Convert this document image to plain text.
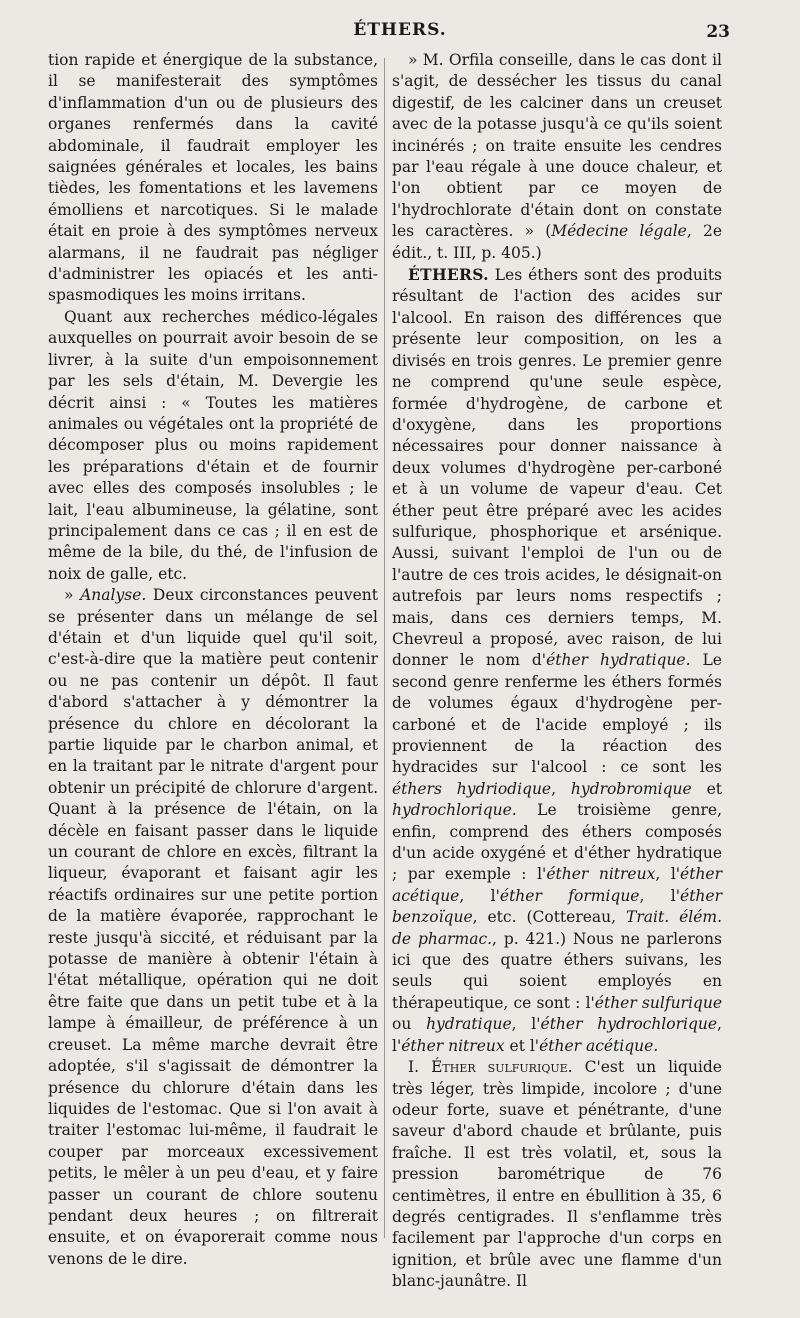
ÉTHERS.	23

tion rapide et énergique de la substance, il se manifesterait des symptômes d'inflammation d'un ou de plusieurs des organes renfermés dans la cavité abdominale, il faudrait employer les saignées générales et locales, les bains tièdes, les fomentations et les lavemens émolliens et narcotiques. Si le malade était en proie à des symptômes nerveux alarmans, il ne faudrait pas négliger d'administrer les opiacés et les anti-spasmodiques les moins irritans.

Quant aux recherches médico-légales auxquelles on pourrait avoir besoin de se livrer, à la suite d'un empoisonnement par les sels d'étain, M. Devergie les décrit ainsi : « Toutes les matières animales ou végétales ont la propriété de décomposer plus ou moins rapidement les préparations d'étain et de fournir avec elles des composés insolubles ; le lait, l'eau albumineuse, la gélatine, sont principalement dans ce cas ; il en est de même de la bile, du thé, de l'infusion de noix de galle, etc.

» Analyse. Deux circonstances peuvent se présenter dans un mélange de sel d'étain et d'un liquide quel qu'il soit, c'est-à-dire que la matière peut contenir ou ne pas contenir un dépôt. Il faut d'abord s'attacher à y démontrer la présence du chlore en décolorant la partie liquide par le charbon animal, et en la traitant par le nitrate d'argent pour obtenir un précipité de chlorure d'argent. Quant à la présence de l'étain, on la décèle en faisant passer dans le liquide un courant de chlore en excès, filtrant la liqueur, évaporant et faisant agir les réactifs ordinaires sur une petite portion de la matière évaporée, rapprochant le reste jusqu'à siccité, et réduisant par la potasse de manière à obtenir l'étain à l'état métallique, opération qui ne doit être faite que dans un petit tube et à la lampe à émailleur, de préférence à un creuset. La même marche devrait être adoptée, s'il s'agissait de démontrer la présence du chlorure d'étain dans les liquides de l'estomac. Que si l'on avait à traiter l'estomac lui-même, il faudrait le couper par morceaux excessivement petits, le mêler à un peu d'eau, et y faire passer un courant de chlore soutenu pendant deux heures ; on filtrerait ensuite, et on évaporerait comme nous venons de le dire.

» M. Orfila conseille, dans le cas dont il s'agit, de dessécher les tissus du canal digestif, de les calciner dans un creuset avec de la potasse jusqu'à ce qu'ils soient incinérés ; on traite ensuite les cendres par l'eau régale à une douce chaleur, et l'on obtient par ce moyen de l'hydrochlorate d'étain dont on constate les caractères. » (Médecine légale, 2e édit., t. III, p. 405.)

ÉTHERS. Les éthers sont des produits résultant de l'action des acides sur l'alcool. En raison des différences que présente leur composition, on les a divisés en trois genres. Le premier genre ne comprend qu'une seule espèce, formée d'hydrogène, de carbone et d'oxygène, dans les proportions nécessaires pour donner naissance à deux volumes d'hydrogène per-carboné et à un volume de vapeur d'eau. Cet éther peut être préparé avec les acides sulfurique, phosphorique et arsénique. Aussi, suivant l'emploi de l'un ou de l'autre de ces trois acides, le désignait-on autrefois par leurs noms respectifs ; mais, dans ces derniers temps, M. Chevreul a proposé, avec raison, de lui donner le nom d'éther hydratique. Le second genre renferme les éthers formés de volumes égaux d'hydrogène per-carboné et de l'acide employé ; ils proviennent de la réaction des hydracides sur l'alcool : ce sont les éthers hydriodique, hydrobromique et hydrochlorique. Le troisième genre, enfin, comprend des éthers composés d'un acide oxygéné et d'éther hydratique ; par exemple : l'éther nitreux, l'éther acétique, l'éther formique, l'éther benzoïque, etc. (Cottereau, Trait. élém. de pharmac., p. 421.) Nous ne parlerons ici que des quatre éthers suivans, les seuls qui soient employés en thérapeutique, ce sont : l'éther sulfurique ou hydratique, l'éther hydrochlorique, l'éther nitreux et l'éther acétique.

I. Éther sulfurique. C'est un liquide très léger, très limpide, incolore ; d'une odeur forte, suave et pénétrante, d'une saveur d'abord chaude et brûlante, puis fraîche. Il est très volatil, et, sous la pression barométrique de 76 centimètres, il entre en ébullition à 35, 6 degrés centigrades. Il s'enflamme très facilement par l'approche d'un corps en ignition, et brûle avec une flamme d'un blanc-jaunâtre. Il
